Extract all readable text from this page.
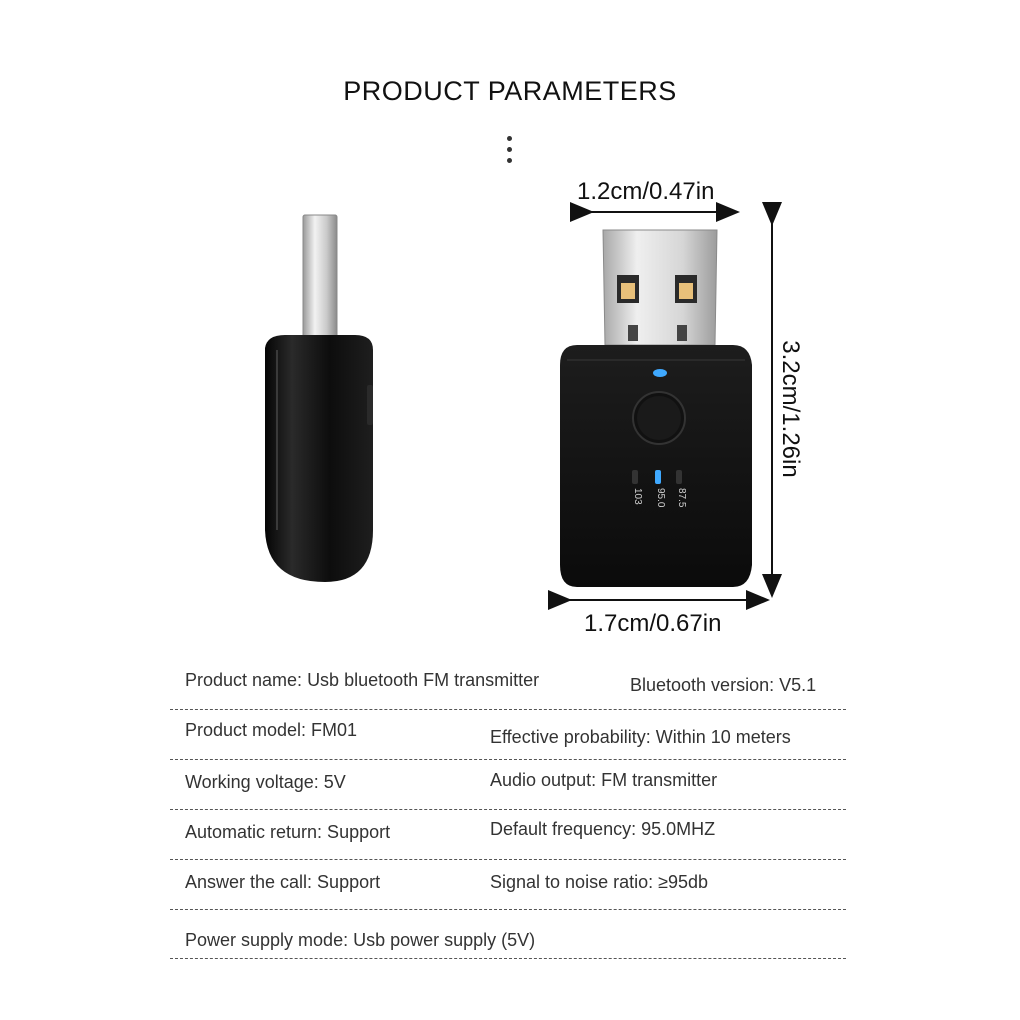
PRODUCT PARAMETERS
103 95.0 87.5
1.2cm/0.47in
3.2cm/1.26in
1.7cm/0.67in
Product name: Usb bluetooth FM transmitter	Bluetooth version: V5.1
Product model: FM01	Effective probability: Within 10 meters
Working voltage: 5V	Audio output: FM transmitter
Automatic return: Support	Default frequency: 95.0MHZ
Answer the call: Support	Signal to noise ratio: ≥95db
Power supply mode: Usb power supply (5V)
